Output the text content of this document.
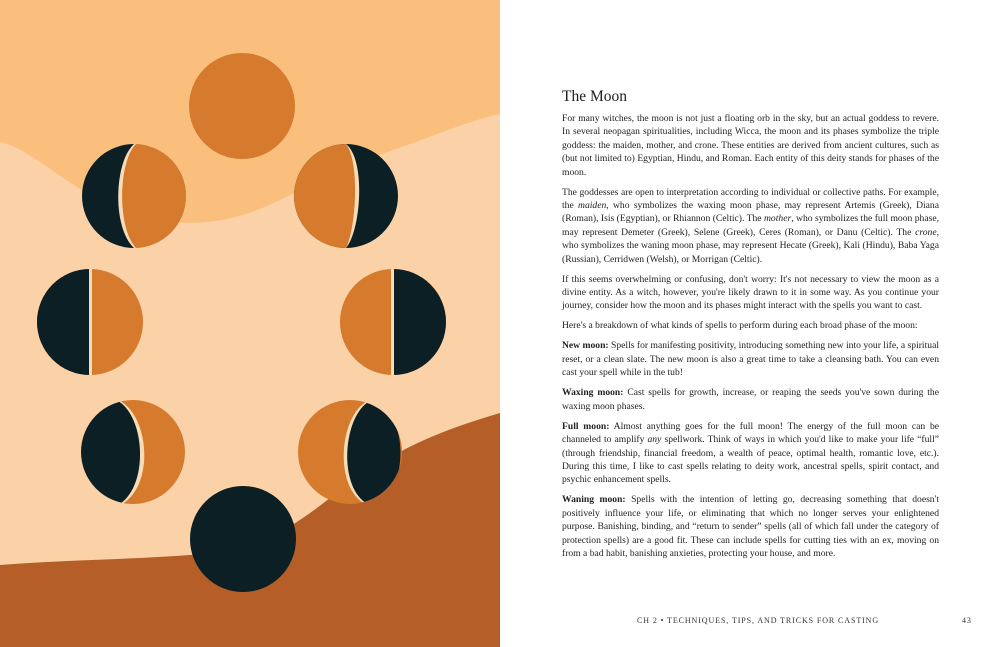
The Moon

For many witches, the moon is not just a floating orb in the sky, but an actual goddess to revere. In several neopagan spiritualities, including Wicca, the moon and its phases symbolize the triple goddess: the maiden, mother, and crone. These entities are derived from ancient cultures, such as (but not limited to) Egyptian, Hindu, and Roman. Each entity of this deity stands for phases of the moon.

The goddesses are open to interpretation according to individual or collective paths. For example, the maiden, who symbolizes the waxing moon phase, may represent Artemis (Greek), Diana (Roman), Isis (Egyptian), or Rhiannon (Celtic). The mother, who symbolizes the full moon phase, may represent Demeter (Greek), Selene (Greek), Ceres (Roman), or Danu (Celtic). The crone, who symbolizes the waning moon phase, may represent Hecate (Greek), Kali (Hindu), Baba Yaga (Russian), Cerridwen (Welsh), or Morrigan (Celtic).

If this seems overwhelming or confusing, don't worry: It's not necessary to view the moon as a divine entity. As a witch, however, you're likely drawn to it in some way. As you continue your journey, consider how the moon and its phases might interact with the spells you want to cast.

Here's a breakdown of what kinds of spells to perform during each broad phase of the moon:

New moon: Spells for manifesting positivity, introducing something new into your life, a spiritual reset, or a clean slate. The new moon is also a great time to take a cleansing bath. You can even cast your spell while in the tub!

Waxing moon: Cast spells for growth, increase, or reaping the seeds you've sown during the waxing moon phases.

Full moon: Almost anything goes for the full moon! The energy of the full moon can be channeled to amplify any spellwork. Think of ways in which you'd like to make your life “full” (through friendship, financial freedom, a wealth of peace, optimal health, romantic love, etc.). During this time, I like to cast spells relating to deity work, ancestral spells, spirit contact, and psychic enhancement spells.

Waning moon: Spells with the intention of letting go, decreasing something that doesn't positively influence your life, or eliminating that which no longer serves your enlightened purpose. Banishing, binding, and “return to sender” spells (all of which fall under the category of protection spells) are a good fit. These can include spells for cutting ties with an ex, moving on from a bad habit, banishing anxieties, protecting your house, and more.

CH 2 • TECHNIQUES, TIPS, AND TRICKS FOR CASTING	43
